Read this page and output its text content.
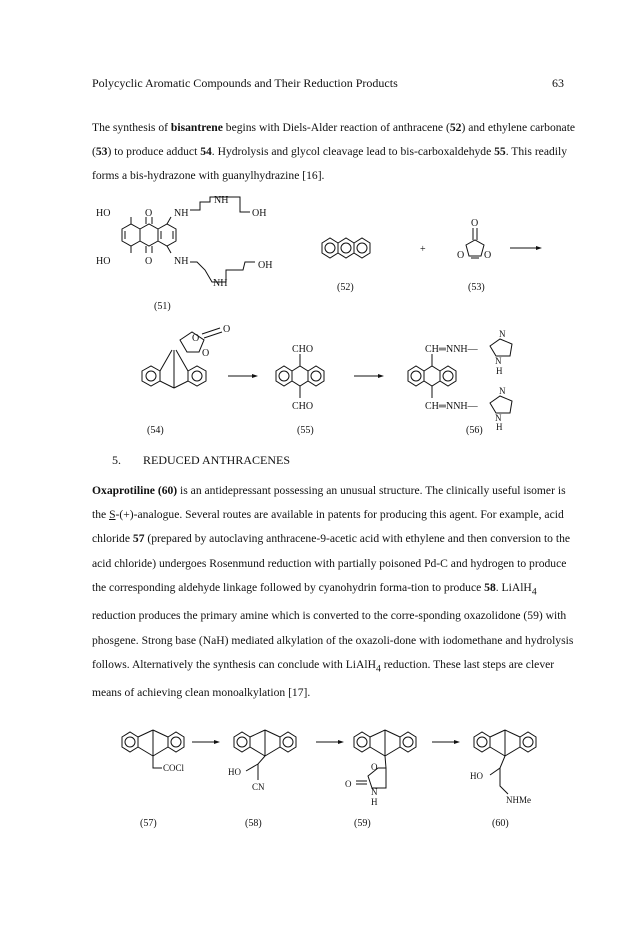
Polycyclic Aromatic Compounds and Their Reduction Products	63

The synthesis of bisantrene begins with Diels-Alder reaction of anthracene (52) and ethylene carbonate (53) to produce adduct 54. Hydrolysis and glycol cleavage lead to bis-carboxaldehyde 55. This readily forms a bis-hydrazone with guanylhydrazine [16].

HO	O NH
NH
OH
HO	O NH
NH
OH
(51)
(52)
+
O
O O
(53)
O
O
O
(54)
CHO
CHO
(55)
CH═NNH—
CH═NNH—
N
N
H
N
N
H
(56)
5. REDUCED ANTHRACENES

Oxaprotiline (60) is an antidepressant possessing an unusual structure. The clinically useful isomer is the S-(+)-analogue. Several routes are available in patents for producing this agent. For example, acid chloride 57 (prepared by autoclaving anthracene-9-acetic acid with ethylene and then conversion to the acid chloride) undergoes Rosenmund reduction with partially poisoned Pd-C and hydrogen to produce the corresponding aldehyde linkage followed by cyanohydrin forma-tion to produce 58. LiAlH$_4$ reduction produces the primary amine which is converted to the corre-sponding oxazolidone (59) with phosgene. Strong base (NaH) mediated alkylation of the oxazoli-done with iodomethane and hydrolysis follows. Alternatively the synthesis can conclude with LiAlH$_4$ reduction. These last steps are clever means of achieving clean monoalkylation [17].

COCl
(57)
HO
CN
(58)
O
O
N
H
(59)
HO
NHMe
(60)
